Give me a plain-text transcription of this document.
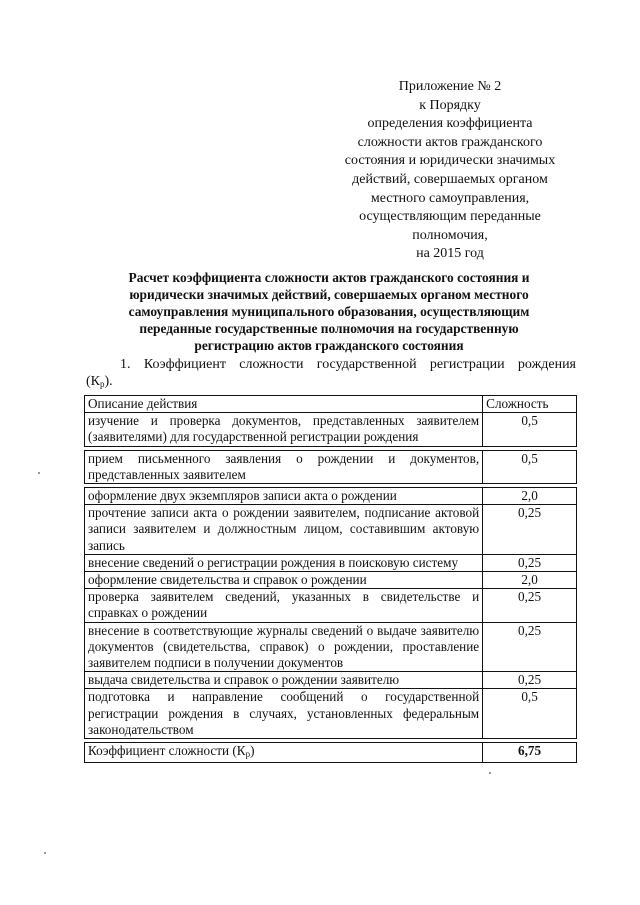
Приложение № 2
к Порядку
определения коэффициента
сложности актов гражданского
состояния и юридически значимых
действий, совершаемых органом
местного самоуправления,
осуществляющим переданные
полномочия,
на 2015 год
Расчет коэффициента сложности актов гражданского состояния и
юридически значимых действий, совершаемых органом местного
самоуправления муниципального образования, осуществляющим
переданные государственные полномочия на государственную
регистрацию актов гражданского состояния
1. Коэффициент сложности государственной регистрации рождения
$(К_р)$.
Описание действия	Сложность
изучение и проверка документов, представленных заявителем (заявителями) для государственной регистрации рождения	0,5

прием письменного заявления о рождении и документов, представленных заявителем	0,5

оформление двух экземпляров записи акта о рождении	2,0
прочтение записи акта о рождении заявителем, подписание актовой записи заявителем и должностным лицом, составившим актовую запись	0,25
внесение сведений о регистрации рождения в поисковую систему	0,25
оформление свидетельства и справок о рождении	2,0
проверка заявителем сведений, указанных в свидетельстве и справках о рождении	0,25
внесение в соответствующие журналы сведений о выдаче заявителю документов (свидетельства, справок) о рождении, проставление заявителем подписи в получении документов	0,25
выдача свидетельства и справок о рождении заявителю	0,25
подготовка и направление сообщений о государственной регистрации рождения в случаях, установленных федеральным законодательством	0,5

Коэффициент сложности $(К_р)$	6,75
